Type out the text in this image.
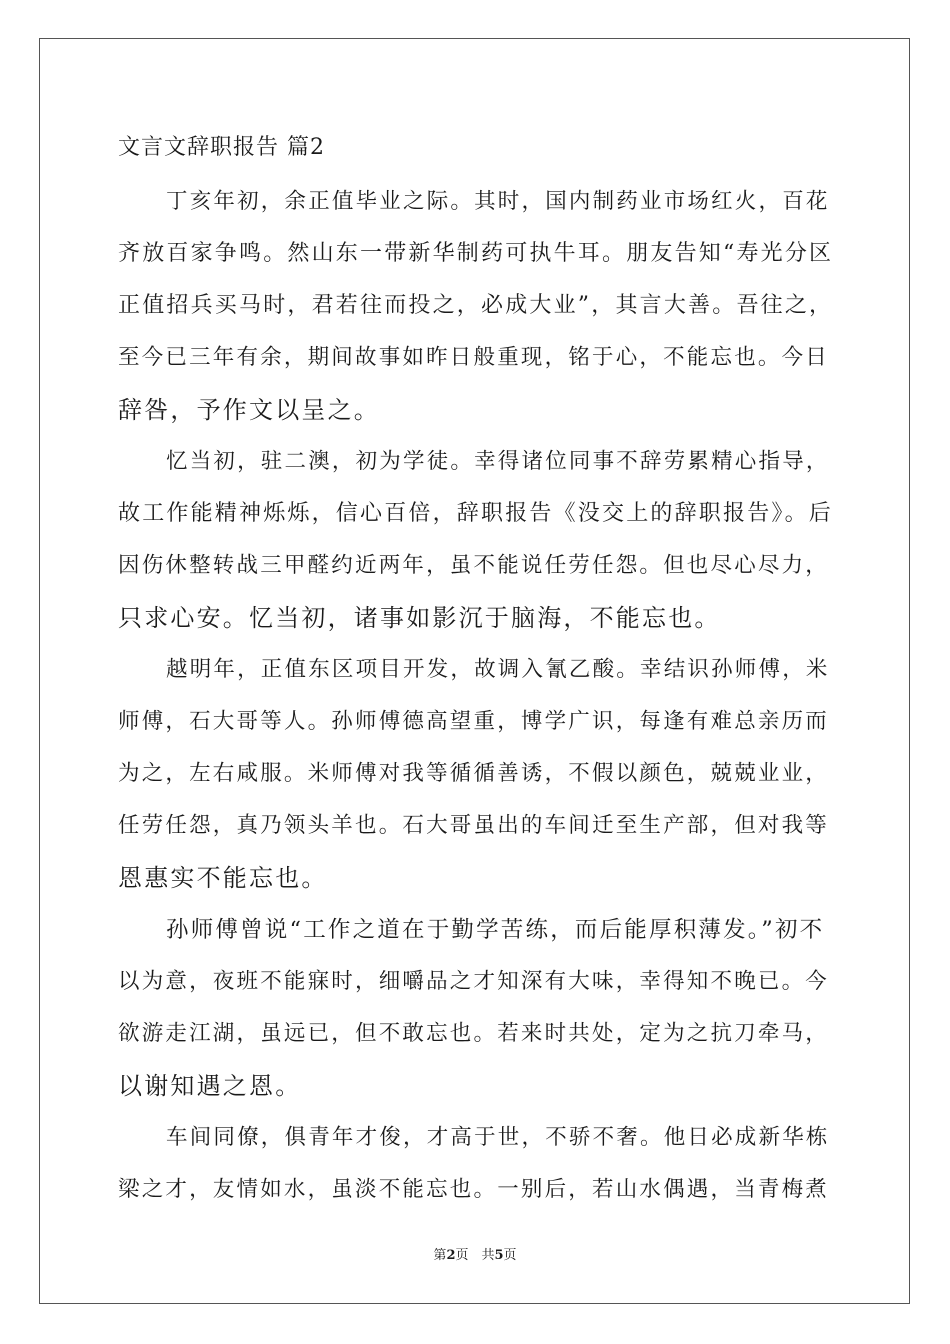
文言文辞职报告 篇2
丁亥年初，余正值毕业之际。其时，国内制药业市场红火，百花
齐放百家争鸣。然山东一带新华制药可执牛耳。朋友告知“寿光分区
正值招兵买马时，君若往而投之，必成大业”，其言大善。吾往之，
至今已三年有余，期间故事如昨日般重现，铭于心，不能忘也。今日
辞咎，予作文以呈之。
忆当初，驻二澳，初为学徒。幸得诸位同事不辞劳累精心指导，
故工作能精神烁烁，信心百倍，辞职报告《没交上的辞职报告》。后
因伤休整转战三甲醛约近两年，虽不能说任劳任怨。但也尽心尽力，
只求心安。忆当初，诸事如影沉于脑海，不能忘也。
越明年，正值东区项目开发，故调入氰乙酸。幸结识孙师傅，米
师傅，石大哥等人。孙师傅德高望重，博学广识，每逢有难总亲历而
为之，左右咸服。米师傅对我等循循善诱，不假以颜色，兢兢业业，
任劳任怨，真乃领头羊也。石大哥虽出的车间迁至生产部，但对我等
恩惠实不能忘也。
孙师傅曾说“工作之道在于勤学苦练，而后能厚积薄发。”初不
以为意，夜班不能寐时，细嚼品之才知深有大味，幸得知不晚已。今
欲游走江湖，虽远已，但不敢忘也。若来时共处，定为之抗刀牵马，
以谢知遇之恩。
车间同僚，俱青年才俊，才高于世，不骄不奢。他日必成新华栋
梁之才，友情如水，虽淡不能忘也。一别后，若山水偶遇，当青梅煮
第2页　共5页
